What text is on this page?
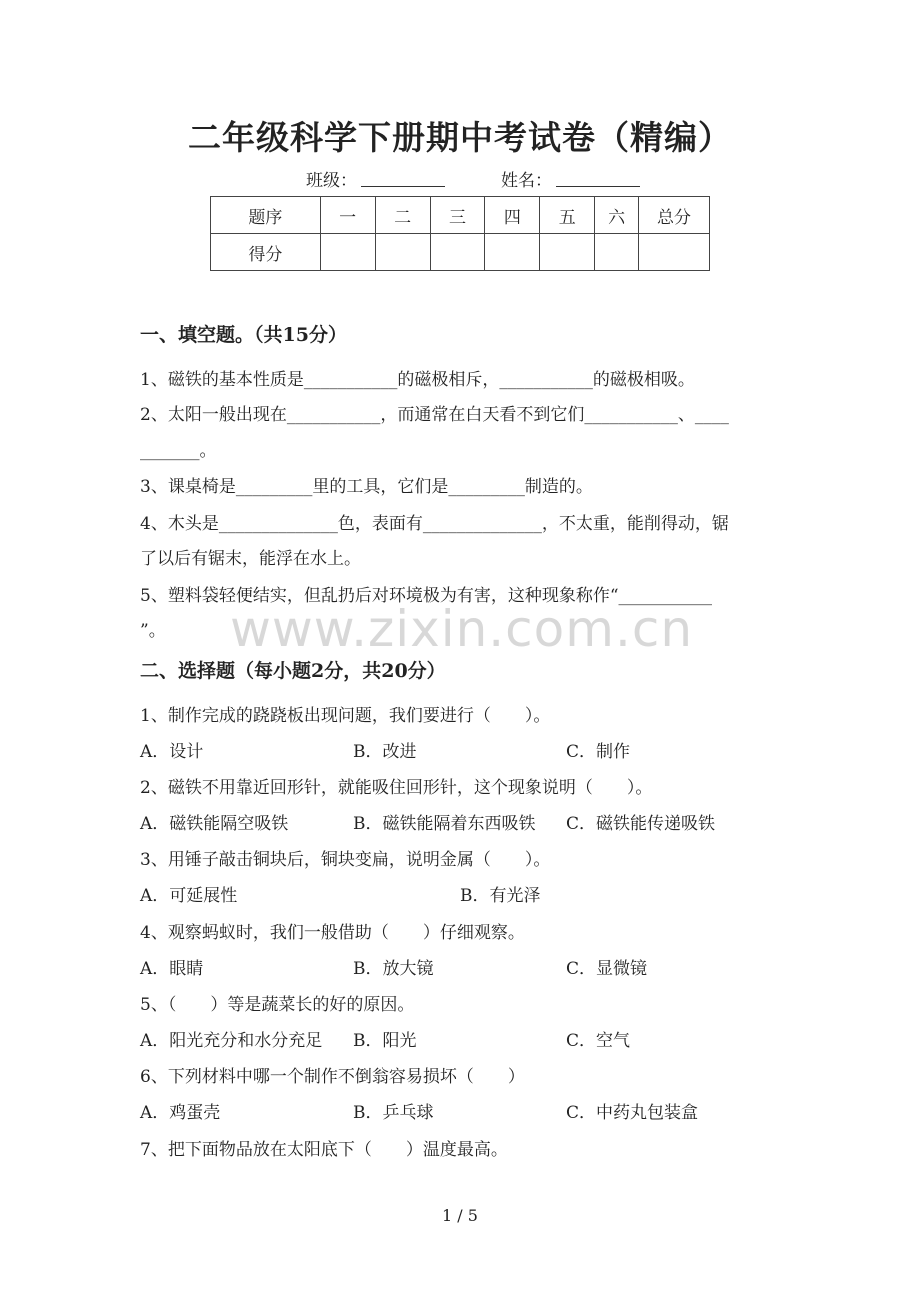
二年级科学下册期中考试卷（精编）
班级：	姓名：
题序	一	二	三	四	五	六	总分
得分							
一、填空题。（共15分）
1、磁铁的基本性质是___________的磁极相斥，___________的磁极相吸。
2、太阳一般出现在___________，而通常在白天看不到它们___________、____
_______。
3、课桌椅是_________里的工具，它们是_________制造的。
4、木头是______________色，表面有______________，不太重，能削得动，锯
了以后有锯末，能浮在水上。
5、塑料袋轻便结实，但乱扔后对环境极为有害，这种现象称作“___________
”。	www.zixin.com.cn
二、选择题（每小题2分，共20分）
1、制作完成的跷跷板出现问题，我们要进行（　　）。
A．设计	B．改进	C．制作
2、磁铁不用靠近回形针，就能吸住回形针，这个现象说明（　　）。
A．磁铁能隔空吸铁	B．磁铁能隔着东西吸铁 C．磁铁能传递吸铁
3、用锤子敲击铜块后，铜块变扁，说明金属（　　）。
A．可延展性	B．有光泽
4、观察蚂蚁时，我们一般借助（　　）仔细观察。
A．眼睛	B．放大镜	C．显微镜
5、（　　）等是蔬菜长的好的原因。
A．阳光充分和水分充足 B．阳光	C．空气
6、下列材料中哪一个制作不倒翁容易损坏（　　）
A．鸡蛋壳	B．乒乓球	C．中药丸包装盒
7、把下面物品放在太阳底下（　　）温度最高。
1 / 5
